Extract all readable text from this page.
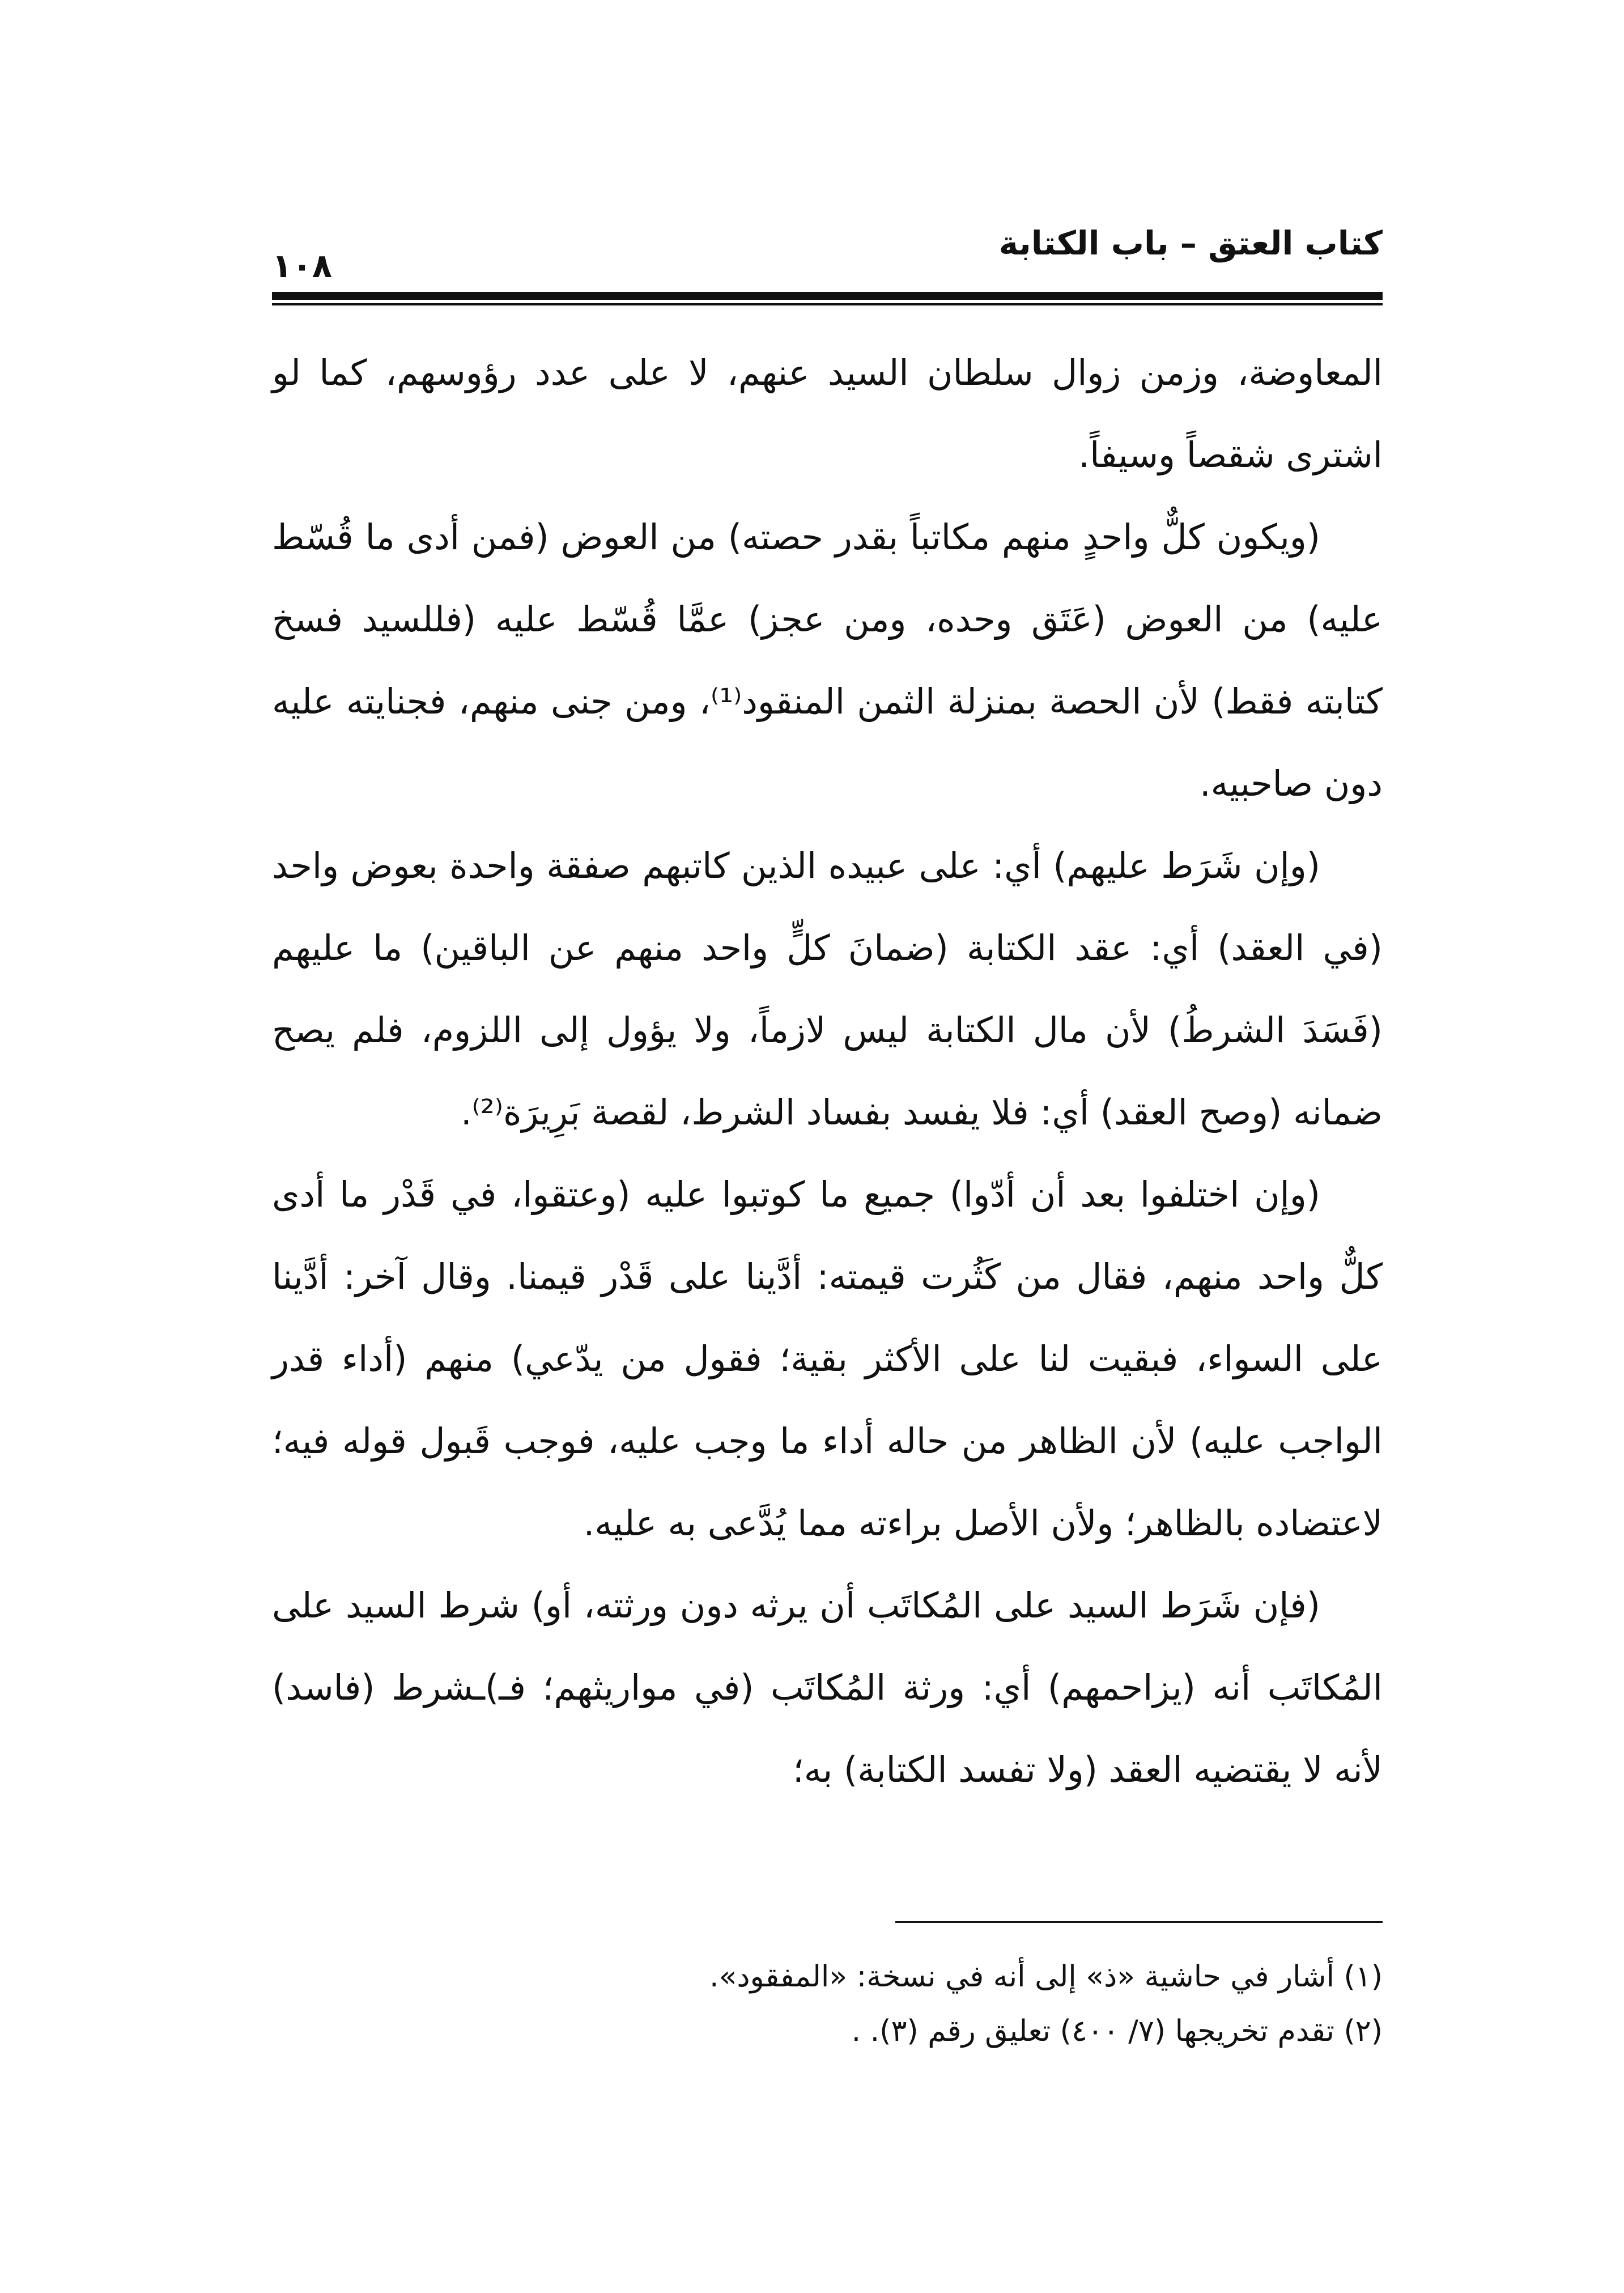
كتاب العتق – باب الكتابة
١٠٨

المعاوضة، وزمن زوال سلطان السيد عنهم، لا على عدد رؤوسهم، كما لو اشترى شقصاً وسيفاً.

(ويكون كلٌّ واحدٍ منهم مكاتباً بقدر حصته) من العوض (فمن أدى ما قُسّط عليه) من العوض (عَتَق وحده، ومن عجز) عمَّا قُسّط عليه (فللسيد فسخ كتابته فقط) لأن الحصة بمنزلة الثمن المنقود⁽¹⁾، ومن جنى منهم، فجنايته عليه دون صاحبيه.

(وإن شَرَط عليهم) أي: على عبيده الذين كاتبهم صفقة واحدة بعوض واحد (في العقد) أي: عقد الكتابة (ضمانَ كلٍّ واحد منهم عن الباقين) ما عليهم (فَسَدَ الشرطُ) لأن مال الكتابة ليس لازماً، ولا يؤول إلى اللزوم، فلم يصح ضمانه (وصح العقد) أي: فلا يفسد بفساد الشرط، لقصة بَرِيرَة⁽²⁾.

(وإن اختلفوا بعد أن أدّوا) جميع ما كوتبوا عليه (وعتقوا، في قَدْر ما أدى كلٌّ واحد منهم، فقال من كَثُرت قيمته: أدَّينا على قَدْر قيمنا. وقال آخر: أدَّينا على السواء، فبقيت لنا على الأكثر بقية؛ فقول من يدّعي) منهم (أداء قدر الواجب عليه) لأن الظاهر من حاله أداء ما وجب عليه، فوجب قَبول قوله فيه؛ لاعتضاده بالظاهر؛ ولأن الأصل براءته مما يُدَّعى به عليه.

(فإن شَرَط السيد على المُكاتَب أن يرثه دون ورثته، أو) شرط السيد على المُكاتَب أنه (يزاحمهم) أي: ورثة المُكاتَب (في مواريثهم؛ فـ)ـشرط (فاسد) لأنه لا يقتضيه العقد (ولا تفسد الكتابة) به؛

(١) أشار في حاشية «ذ» إلى أنه في نسخة: «المفقود».

(٢) تقدم تخريجها (٧/ ٤٠٠) تعليق رقم (٣). .
